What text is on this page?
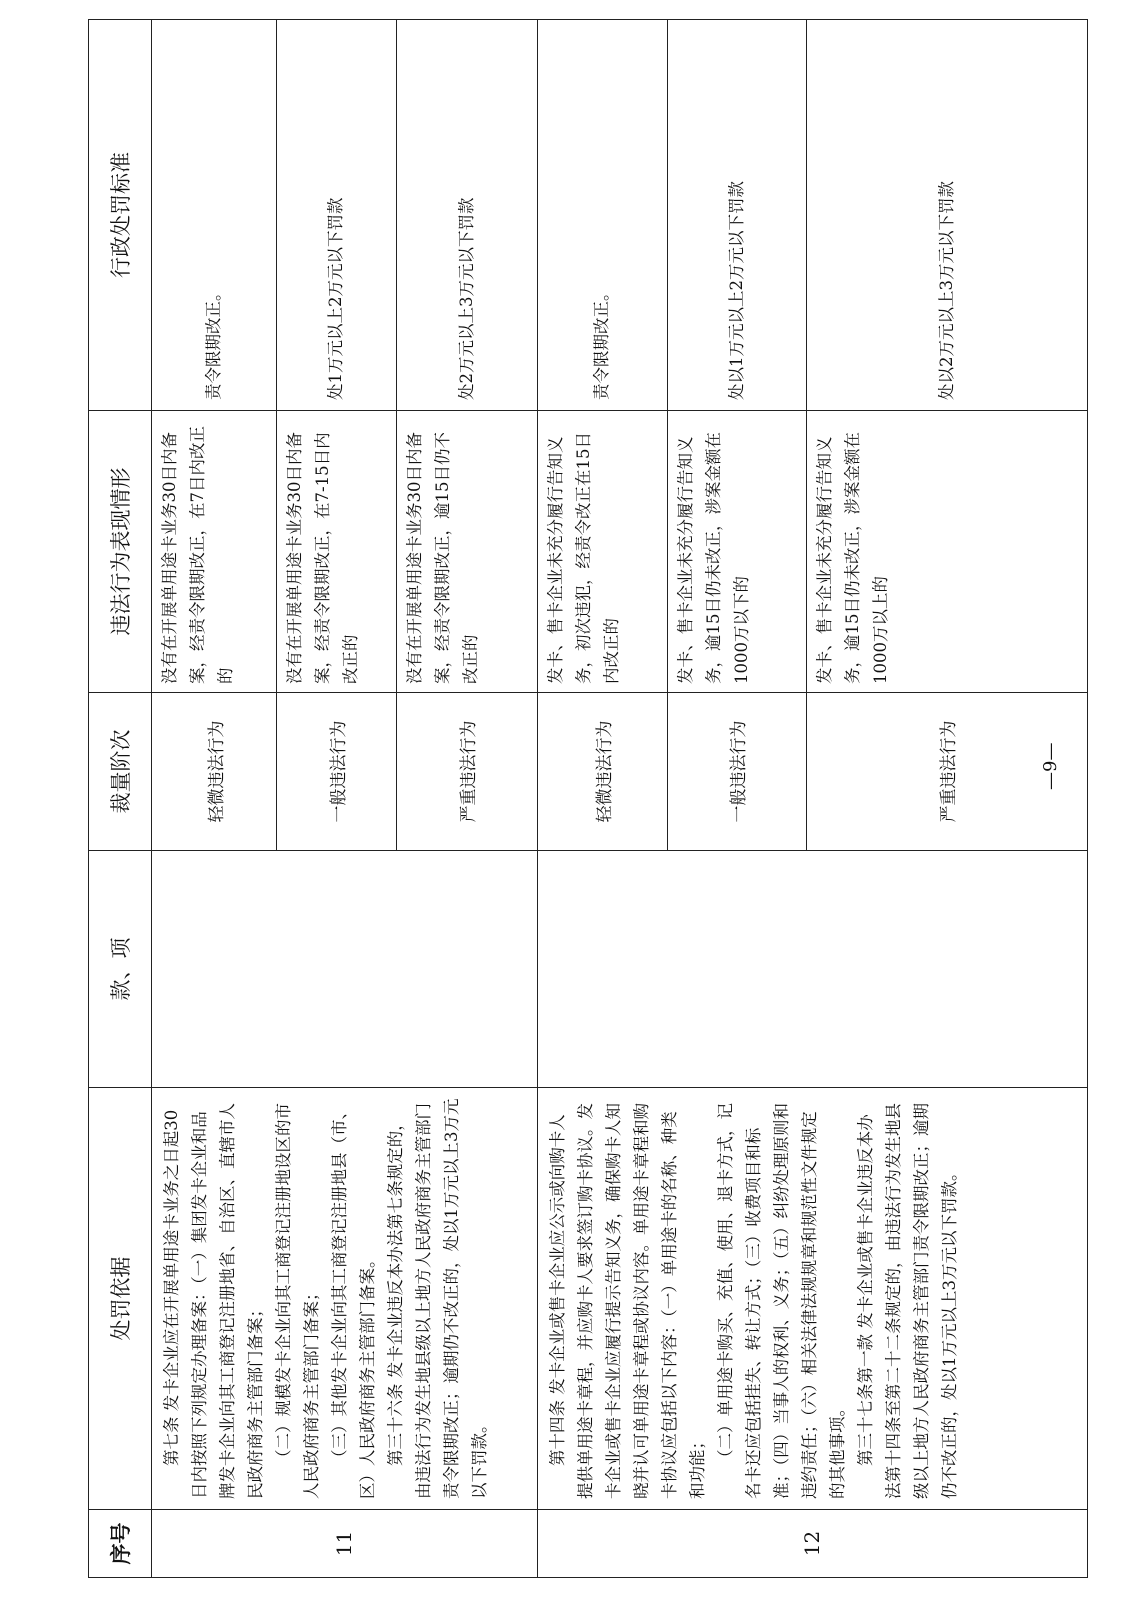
序号	处罚依据	款、项	裁量阶次	违法行为表现情形	行政处罚标准
11	第七条 发卡企业应在开展单用途卡业务之日起30日内按照下列规定办理备案：（一）集团发卡企业和品牌发卡企业向其工商登记注册地省、自治区、直辖市人民政府商务主管部门备案； （二）规模发卡企业向其工商登记注册地设区的市人民政府商务主管部门备案； （三）其他发卡企业向其工商登记注册地县（市、区）人民政府商务主管部门备案。 第三十六条 发卡企业违反本办法第七条规定的，由违法行为发生地县级以上地方人民政府商务主管部门责令限期改正；逾期仍不改正的，处以1万元以上3万元以下罚款。		轻微违法行为	没有在开展单用途卡业务30日内备案，经责令限期改正，在7日内改正的	责令限期改正。
			一般违法行为	没有在开展单用途卡业务30日内备案，经责令限期改正，在7-15日内改正的	处1万元以上2万元以下罚款
			严重违法行为	没有在开展单用途卡业务30日内备案，经责令限期改正，逾15日仍不改正的	处2万元以上3万元以下罚款
12	第十四条 发卡企业或售卡企业应公示或向购卡人提供单用途卡章程，并应购卡人要求签订购卡协议。发卡企业或售卡企业应履行提示告知义务，确保购卡人知晓并认可单用途卡章程或协议内容。单用途卡章程和购卡协议应包括以下内容：（一）单用途卡的名称、种类和功能； （二）单用途卡购买、充值、使用、退卡方式，记名卡还应包括挂失、转让方式；（三）收费项目和标准；（四）当事人的权利、义务；（五）纠纷处理原则和违约责任；（六）相关法律法规规章和规范性文件规定的其他事项。 第三十七条第一款 发卡企业或售卡企业违反本办法第十四条至第二十二条规定的，由违法行为发生地县级以上地方人民政府商务主管部门责令限期改正；逾期仍不改正的，处以1万元以上3万元以下罚款。		轻微违法行为	发卡、售卡企业未充分履行告知义务，初次违犯，经责令改正在15日内改正的	责令限期改正。
			一般违法行为	发卡、售卡企业未充分履行告知义务，逾15日仍未改正，涉案金额在1000万以下的	处以1万元以上2万元以下罚款
			严重违法行为	发卡、售卡企业未充分履行告知义务，逾15日仍未改正，涉案金额在1000万以上的	处以2万元以上3万元以下罚款
—9—
